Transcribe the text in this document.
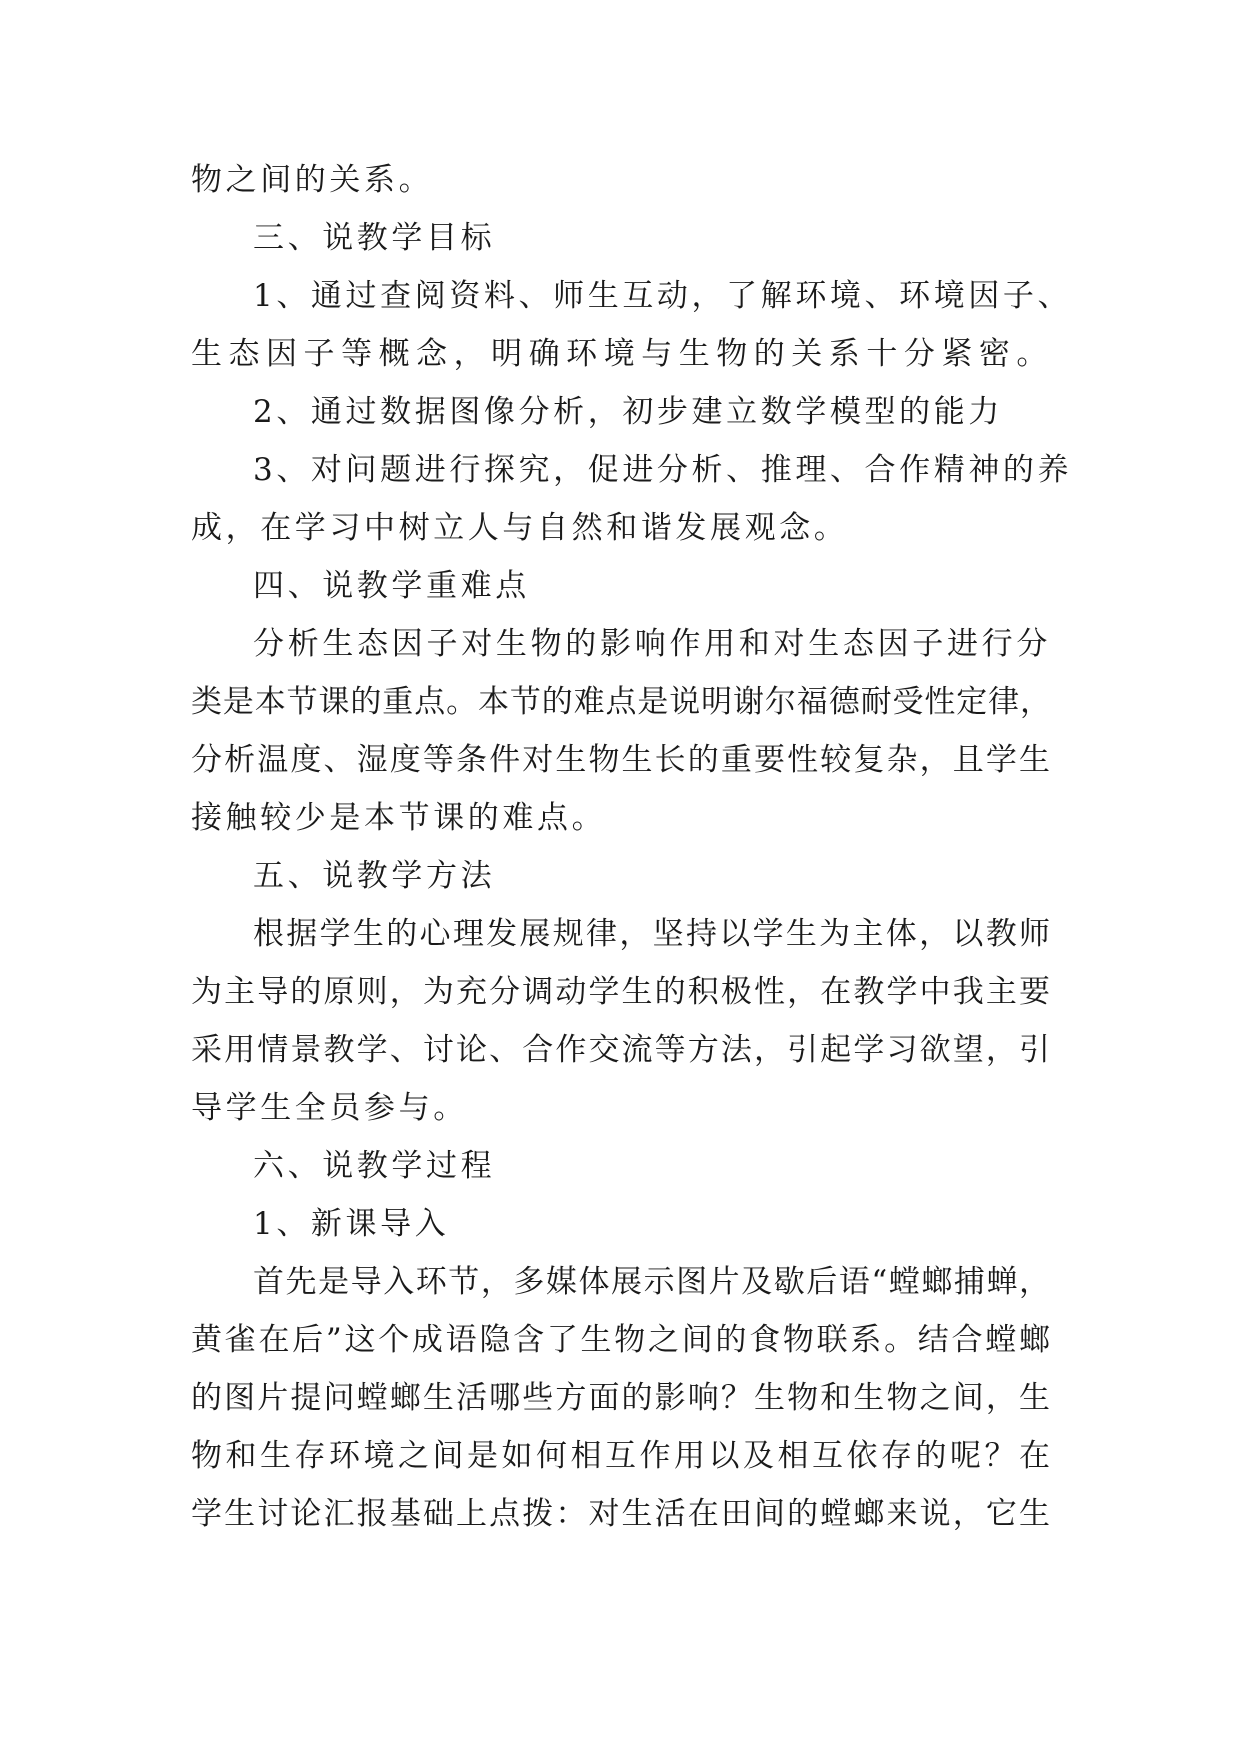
物之间的关系。
三、说教学目标
1、通过查阅资料、师生互动，了解环境、环境因子、
生态因子等概念，明确环境与生物的关系十分紧密。
2、通过数据图像分析，初步建立数学模型的能力
3、对问题进行探究，促进分析、推理、合作精神的养
成，在学习中树立人与自然和谐发展观念。
四、说教学重难点
分析生态因子对生物的影响作用和对生态因子进行分
类是本节课的重点。本节的难点是说明谢尔福德耐受性定律，
分析温度、湿度等条件对生物生长的重要性较复杂，且学生
接触较少是本节课的难点。
五、说教学方法
根据学生的心理发展规律，坚持以学生为主体，以教师
为主导的原则，为充分调动学生的积极性，在教学中我主要
采用情景教学、讨论、合作交流等方法，引起学习欲望，引
导学生全员参与。
六、说教学过程
1、新课导入
首先是导入环节，多媒体展示图片及歇后语“螳螂捕蝉，
黄雀在后”这个成语隐含了生物之间的食物联系。结合螳螂
的图片提问螳螂生活哪些方面的影响？生物和生物之间，生
物和生存环境之间是如何相互作用以及相互依存的呢？在
学生讨论汇报基础上点拨：对生活在田间的螳螂来说，它生
